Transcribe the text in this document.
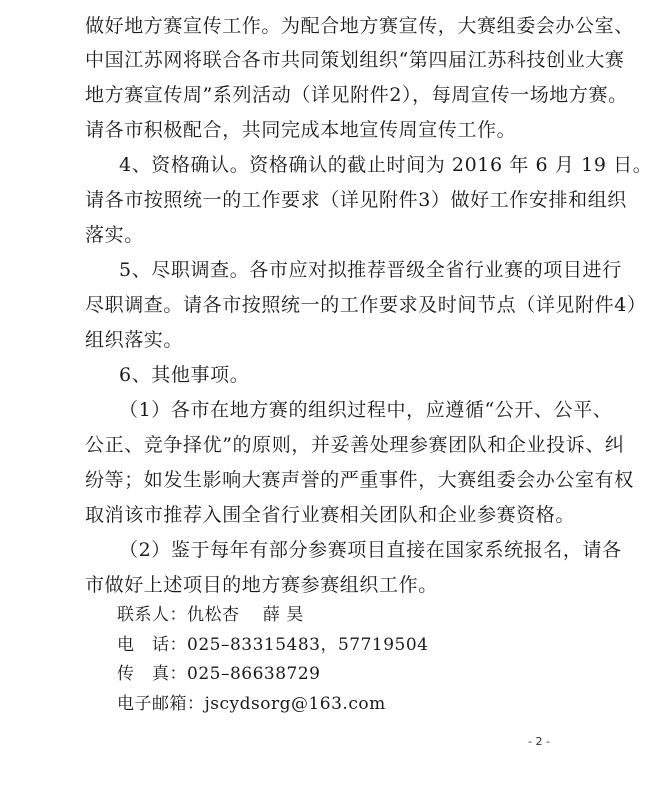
做好地方赛宣传工作。为配合地方赛宣传，大赛组委会办公室、
中国江苏网将联合各市共同策划组织“第四届江苏科技创业大赛
地方赛宣传周”系列活动（详见附件2），每周宣传一场地方赛。
请各市积极配合，共同完成本地宣传周宣传工作。
4、资格确认。资格确认的截止时间为 2016 年 6 月 19 日。
请各市按照统一的工作要求（详见附件3）做好工作安排和组织
落实。
5、尽职调查。各市应对拟推荐晋级全省行业赛的项目进行
尽职调查。请各市按照统一的工作要求及时间节点（详见附件4）
组织落实。
6、其他事项。
（1）各市在地方赛的组织过程中，应遵循“公开、公平、
公正、竞争择优”的原则，并妥善处理参赛团队和企业投诉、纠
纷等；如发生影响大赛声誉的严重事件，大赛组委会办公室有权
取消该市推荐入围全省行业赛相关团队和企业参赛资格。
（2）鉴于每年有部分参赛项目直接在国家系统报名，请各
市做好上述项目的地方赛参赛组织工作。
联系人：仇松杏　 薛 昊
电　话：025–83315483，57719504
传　真：025–86638729
电子邮箱：jscydsorg@163.com
- 2 -
